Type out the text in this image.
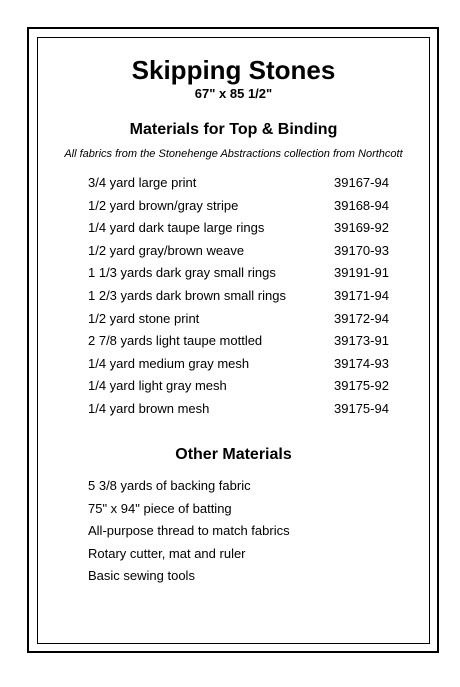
Skipping Stones
67" x 85 1/2"
Materials for Top & Binding
All fabrics from the Stonehenge Abstractions collection from Northcott
3/4 yard large print	39167-94
1/2 yard brown/gray stripe	39168-94
1/4 yard dark taupe large rings	39169-92
1/2 yard gray/brown weave	39170-93
1 1/3 yards dark gray small rings	39191-91
1 2/3 yards dark brown small rings	39171-94
1/2 yard stone print	39172-94
2 7/8 yards light taupe mottled	39173-91
1/4 yard medium gray mesh	39174-93
1/4 yard light gray mesh	39175-92
1/4 yard brown mesh	39175-94
Other Materials
5 3/8 yards of backing fabric
75" x 94" piece of batting
All-purpose thread to match fabrics
Rotary cutter, mat and ruler
Basic sewing tools
